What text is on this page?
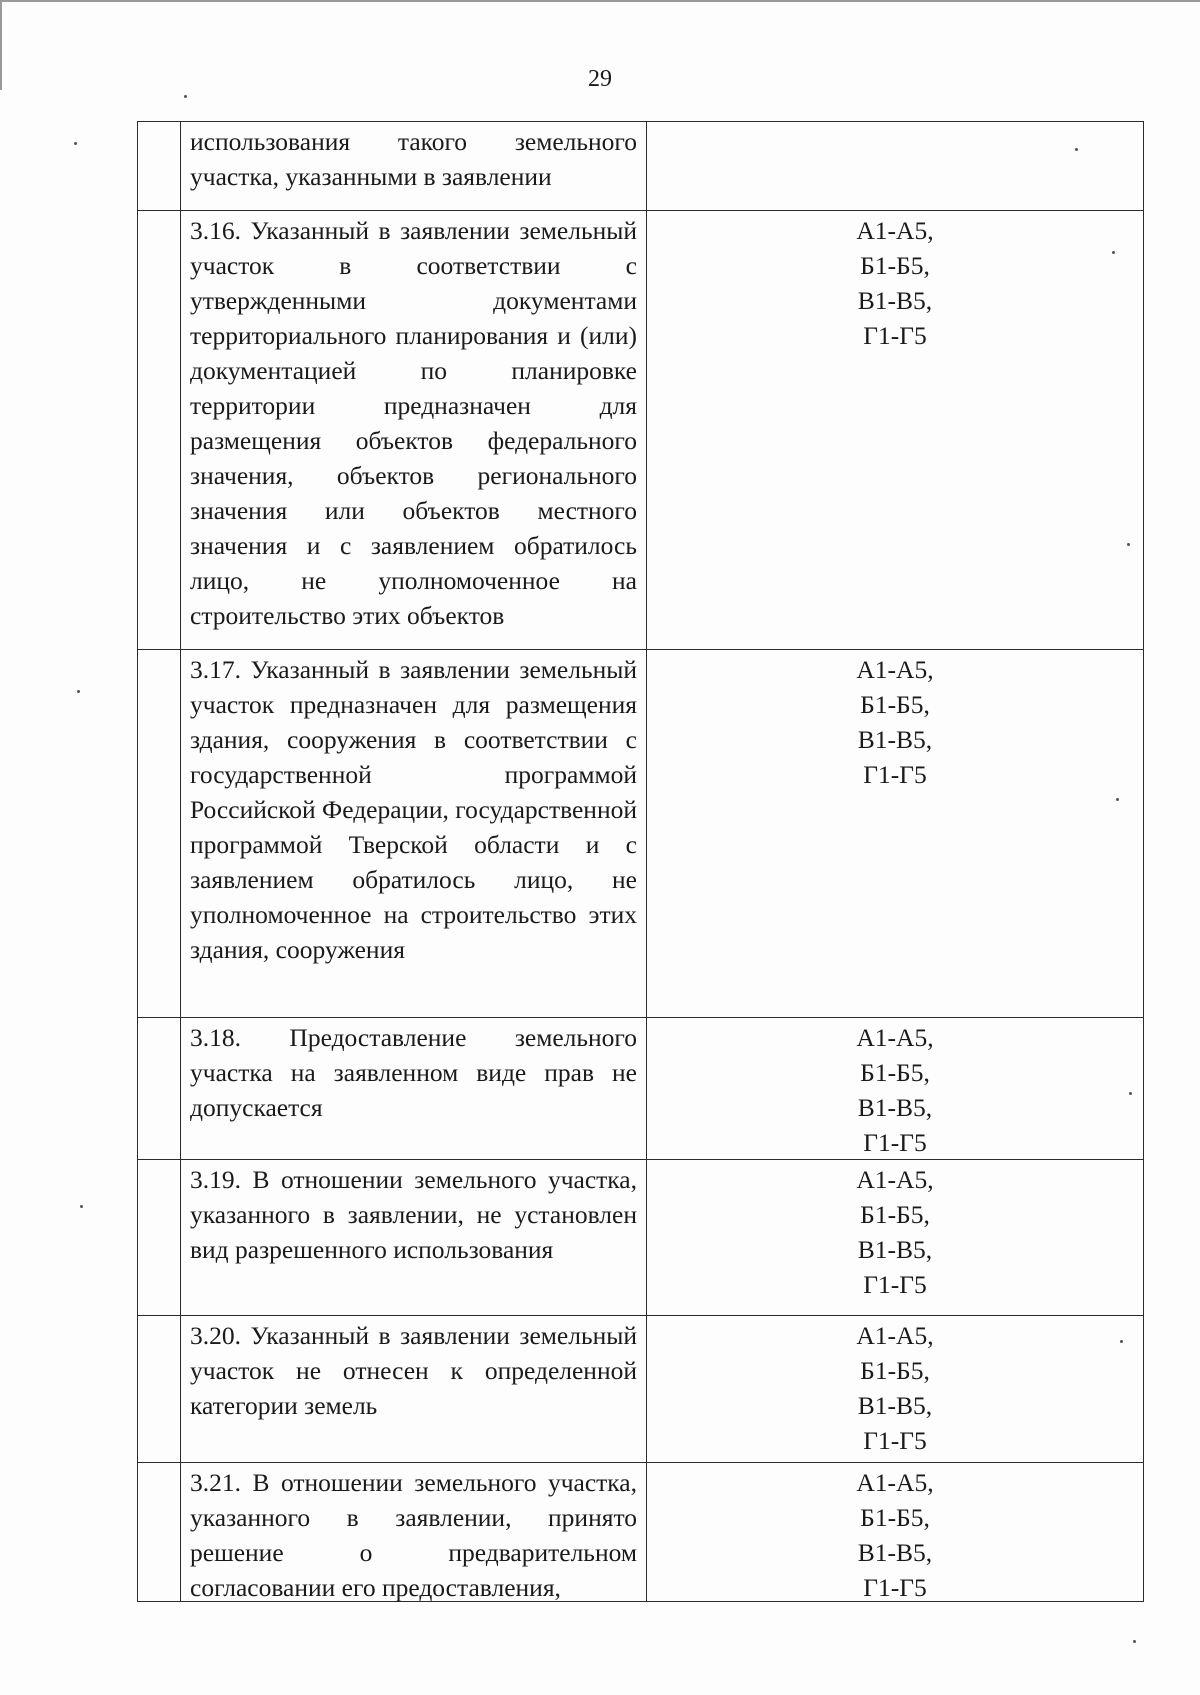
29
использования такого земельного участка, указанными в заявлении
3.16. Указанный в заявлении земельный участок в соответствии с утвержденными документами территориального планирования и (или) документацией по планировке территории предназначен для размещения объектов федерального значения, объектов регионального значения или объектов местного значения и с заявлением обратилось лицо, не уполномоченное на строительство этих объектов
А1-А5,
Б1-Б5,
В1-В5,
Г1-Г5
3.17. Указанный в заявлении земельный участок предназначен для размещения здания, сооружения в соответствии с государственной программой Российской Федерации, государственной программой Тверской области и с заявлением обратилось лицо, не уполномоченное на строительство этих здания, сооружения
А1-А5,
Б1-Б5,
В1-В5,
Г1-Г5
3.18. Предоставление земельного участка на заявленном виде прав не допускается
А1-А5,
Б1-Б5,
В1-В5,
Г1-Г5
3.19. В отношении земельного участка, указанного в заявлении, не установлен вид разрешенного использования
А1-А5,
Б1-Б5,
В1-В5,
Г1-Г5
3.20. Указанный в заявлении земельный участок не отнесен к определенной категории земель
А1-А5,
Б1-Б5,
В1-В5,
Г1-Г5
3.21. В отношении земельного участка, указанного в заявлении, принято решение о предварительном согласовании его предоставления,
А1-А5,
Б1-Б5,
В1-В5,
Г1-Г5
